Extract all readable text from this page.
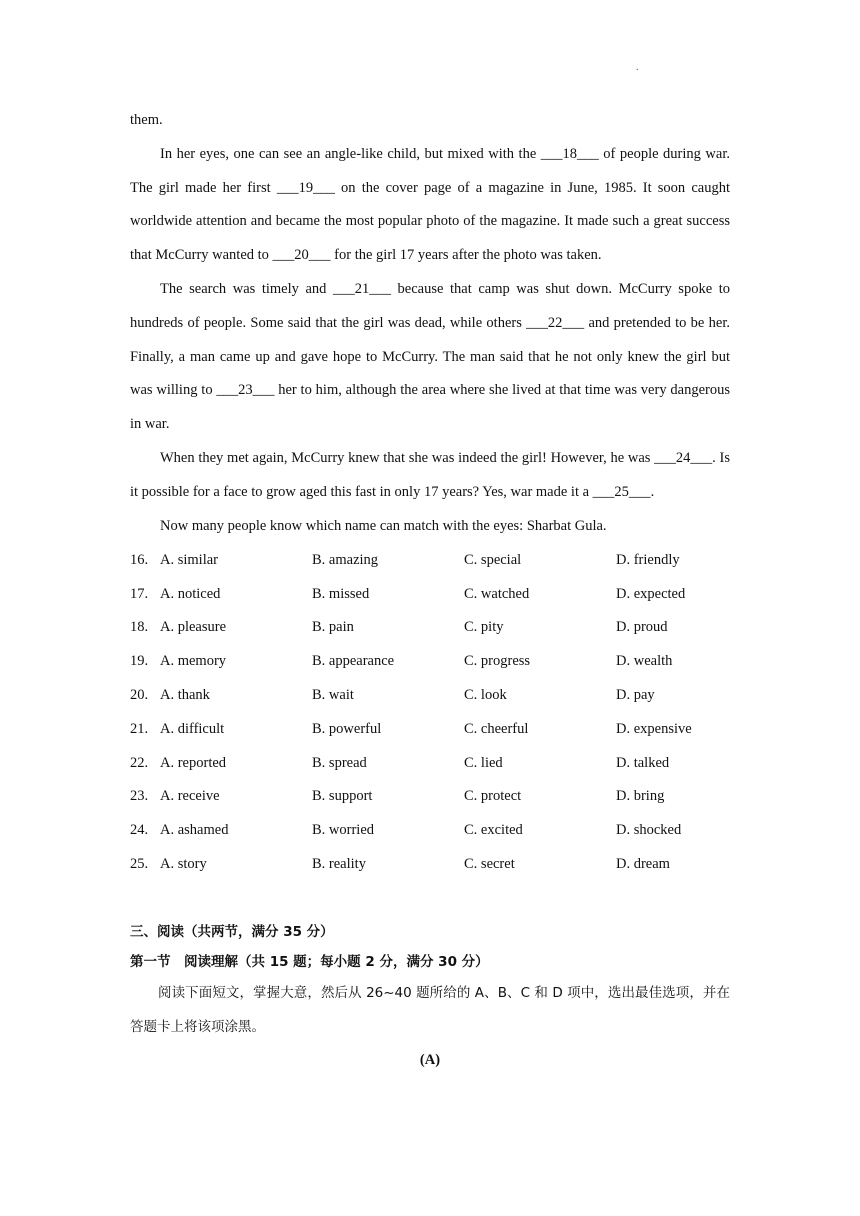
.

them.

In her eyes, one can see an angle-like child, but mixed with the ___18___ of people during war. The girl made her first ___19___ on the cover page of a magazine in June, 1985. It soon caught worldwide attention and became the most popular photo of the magazine. It made such a great success that McCurry wanted to ___20___ for the girl 17 years after the photo was taken.

The search was timely and ___21___ because that camp was shut down. McCurry spoke to hundreds of people. Some said that the girl was dead, while others ___22___ and pretended to be her. Finally, a man came up and gave hope to McCurry. The man said that he not only knew the girl but was willing to ___23___ her to him, although the area where she lived at that time was very dangerous in war.

When they met again, McCurry knew that she was indeed the girl! However, he was ___24___. Is it possible for a face to grow aged this fast in only 17 years? Yes, war made it a ___25___.

Now many people know which name can match with the eyes: Sharbat Gula.

16. A. similar	B. amazing	C. special	D. friendly
17. A. noticed	B. missed	C. watched	D. expected
18. A. pleasure	B. pain	C. pity	D. proud
19. A. memory	B. appearance	C. progress	D. wealth
20. A. thank	B. wait	C. look	D. pay
21. A. difficult	B. powerful	C. cheerful	D. expensive
22. A. reported	B. spread	C. lied	D. talked
23. A. receive	B. support	C. protect	D. bring
24. A. ashamed	B. worried	C. excited	D. shocked
25. A. story	B. reality	C. secret	D. dream

三、阅读（共两节，满分 35 分）

第一节　阅读理解（共 15 题；每小题 2 分，满分 30 分）

阅读下面短文，掌握大意，然后从 26~40 题所给的 A、B、C 和 D 项中，选出最佳选项，并在答题卡上将该项涂黑。

(A)
